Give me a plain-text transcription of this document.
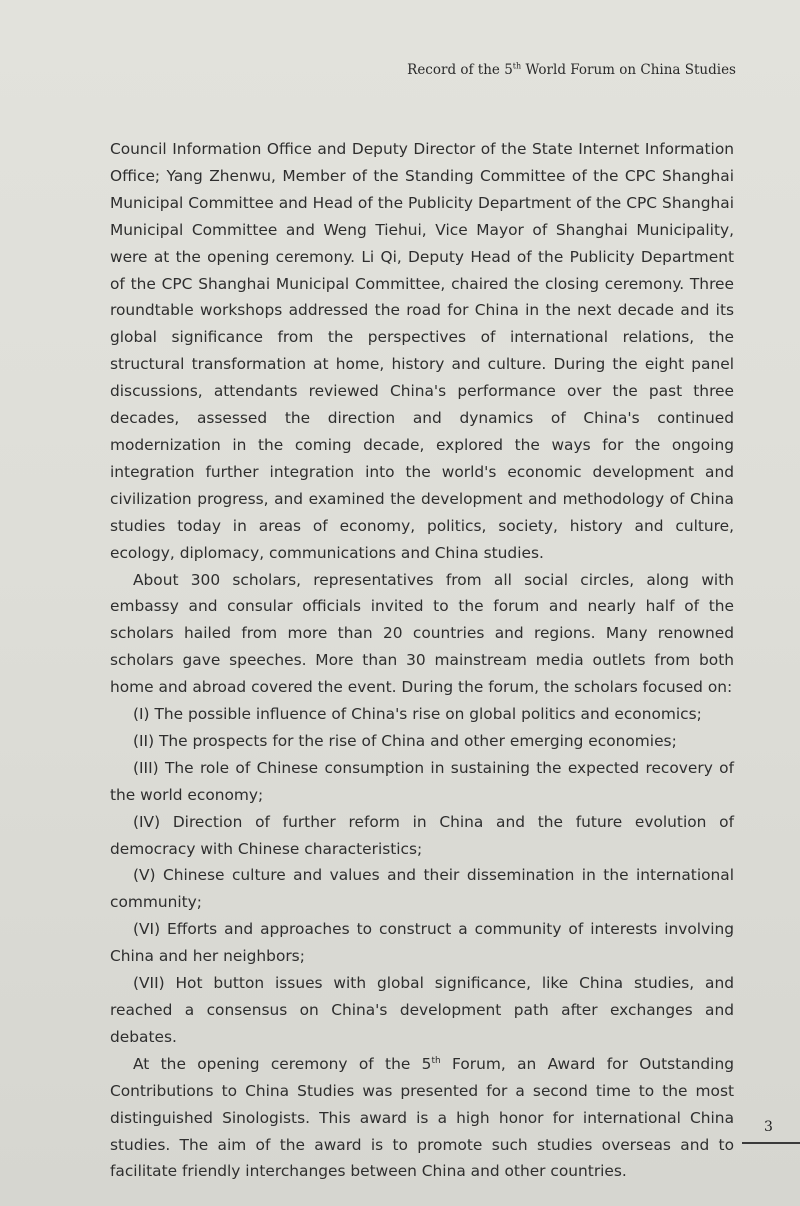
Record of the 5th World Forum on China Studies

Council Information Office and Deputy Director of the State Internet Information Office; Yang Zhenwu, Member of the Standing Committee of the CPC Shanghai Municipal Committee and Head of the Publicity Department of the CPC Shanghai Municipal Committee and Weng Tiehui, Vice Mayor of Shanghai Municipality, were at the opening ceremony. Li Qi, Deputy Head of the Publicity Department of the CPC Shanghai Municipal Committee, chaired the closing ceremony. Three roundtable workshops addressed the road for China in the next decade and its global significance from the perspectives of international relations, the structural transformation at home, history and culture. During the eight panel discussions, attendants reviewed China's performance over the past three decades, assessed the direction and dynamics of China's continued modernization in the coming decade, explored the ways for the ongoing integration further integration into the world's economic development and civilization progress, and examined the development and methodology of China studies today in areas of economy, politics, society, history and culture, ecology, diplomacy, communications and China studies.

About 300 scholars, representatives from all social circles, along with embassy and consular officials invited to the forum and nearly half of the scholars hailed from more than 20 countries and regions. Many renowned scholars gave speeches. More than 30 mainstream media outlets from both home and abroad covered the event. During the forum, the scholars focused on:

(I) The possible influence of China's rise on global politics and economics;

(II) The prospects for the rise of China and other emerging economies;

(III) The role of Chinese consumption in sustaining the expected recovery of the world economy;

(IV) Direction of further reform in China and the future evolution of democracy with Chinese characteristics;

(V) Chinese culture and values and their dissemination in the international community;

(VI) Efforts and approaches to construct a community of interests involving China and her neighbors;

(VII) Hot button issues with global significance, like China studies, and reached a consensus on China's development path after exchanges and debates.

At the opening ceremony of the 5th Forum, an Award for Outstanding Contributions to China Studies was presented for a second time to the most distinguished Sinologists. This award is a high honor for international China studies. The aim of the award is to promote such studies overseas and to facilitate friendly interchanges between China and other countries.

3
